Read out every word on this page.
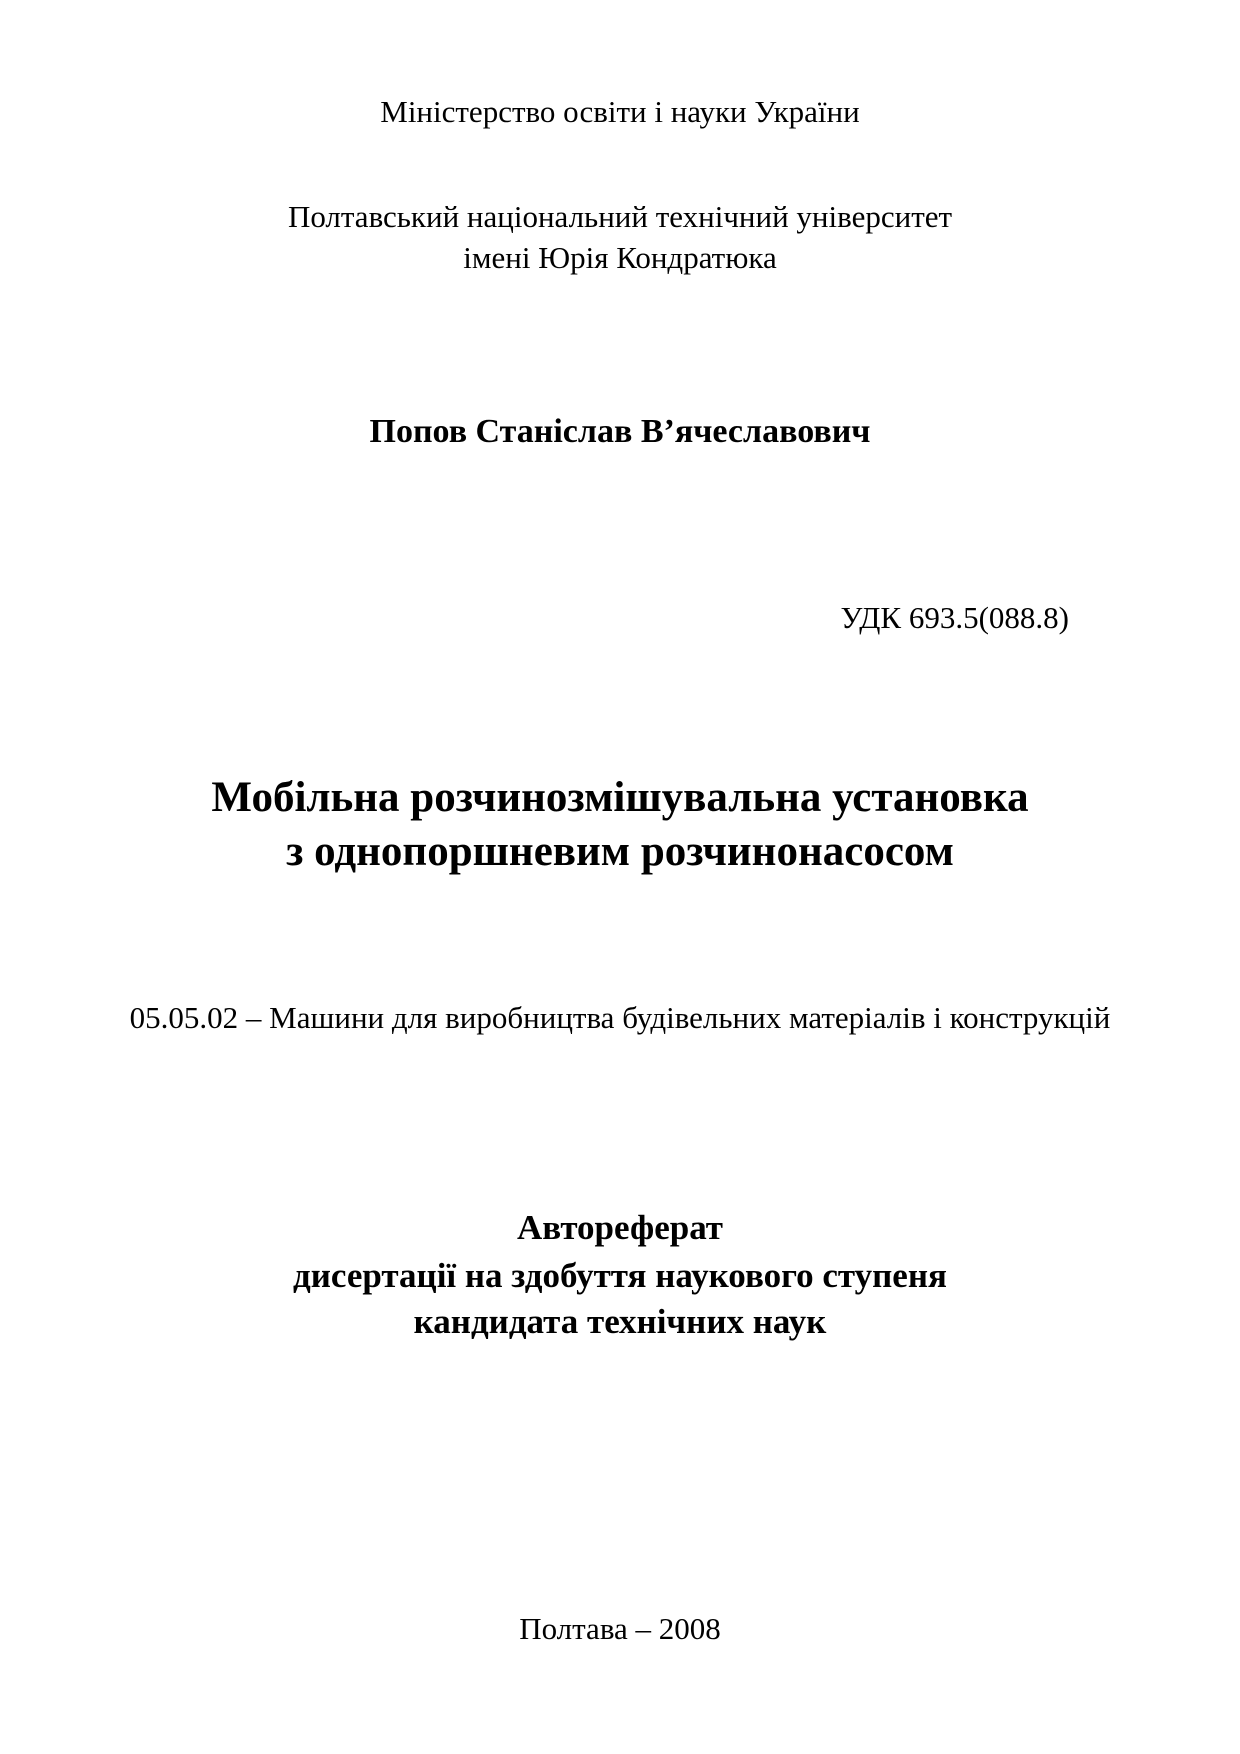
Міністерство освіти і науки України
Полтавський національний технічний університет
імені Юрія Кондратюка
Попов Станіслав В’ячеславович
УДК 693.5(088.8)
Мобільна розчинозмішувальна установка
з однопоршневим розчинонасосом
05.05.02 – Машини для виробництва будівельних матеріалів і конструкцій
Автореферат
дисертації на здобуття наукового ступеня
кандидата технічних наук
Полтава – 2008
